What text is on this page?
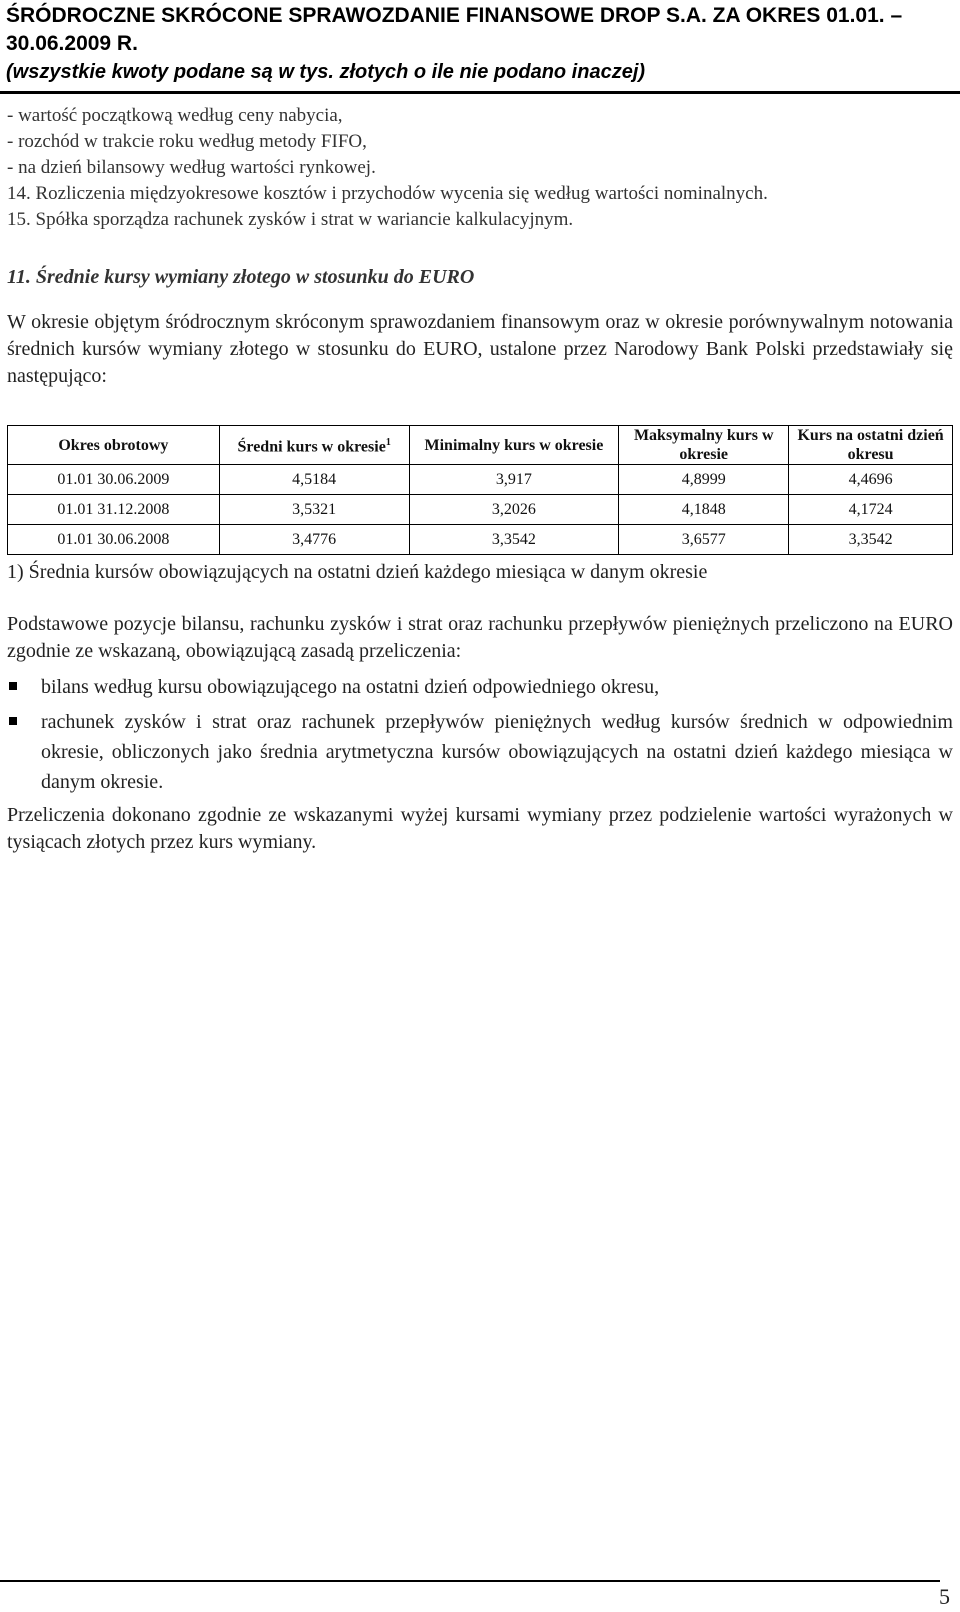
ŚRÓDROCZNE SKRÓCONE SPRAWOZDANIE FINANSOWE DROP S.A. ZA OKRES 01.01. – 30.06.2009 R.

(wszystkie kwoty podane są w tys. złotych o ile nie podano inaczej)

- wartość początkową według ceny nabycia,

- rozchód w trakcie roku według metody FIFO,

- na dzień bilansowy według wartości rynkowej.

14. Rozliczenia międzyokresowe kosztów i przychodów wycenia się według wartości nominalnych.

15. Spółka sporządza rachunek zysków i strat w wariancie kalkulacyjnym.

11. Średnie kursy wymiany złotego w stosunku do EURO

W okresie objętym śródrocznym skróconym sprawozdaniem finansowym oraz w okresie porównywalnym notowania średnich kursów wymiany złotego w stosunku do EURO, ustalone przez Narodowy Bank Polski przedstawiały się następująco:

Okres obrotowy	Średni kurs w okresie$^1$	Minimalny kurs w okresie	Maksymalny kurs w okresie	Kurs na ostatni dzień okresu
01.01 30.06.2009	4,5184	3,917	4,8999	4,4696
01.01 31.12.2008	3,5321	3,2026	4,1848	4,1724
01.01 30.06.2008	3,4776	3,3542	3,6577	3,3542
1) Średnia kursów obowiązujących na ostatni dzień każdego miesiąca w danym okresie

Podstawowe pozycje bilansu, rachunku zysków i strat oraz rachunku przepływów pieniężnych przeliczono na EURO zgodnie ze wskazaną, obowiązującą zasadą przeliczenia:

bilans według kursu obowiązującego na ostatni dzień odpowiedniego okresu,
rachunek zysków i strat oraz rachunek przepływów pieniężnych według kursów średnich w odpowiednim okresie, obliczonych jako średnia arytmetyczna kursów obowiązujących na ostatni dzień każdego miesiąca w danym okresie.

Przeliczenia dokonano zgodnie ze wskazanymi wyżej kursami wymiany przez podzielenie wartości wyrażonych w tysiącach złotych przez kurs wymiany.

5
